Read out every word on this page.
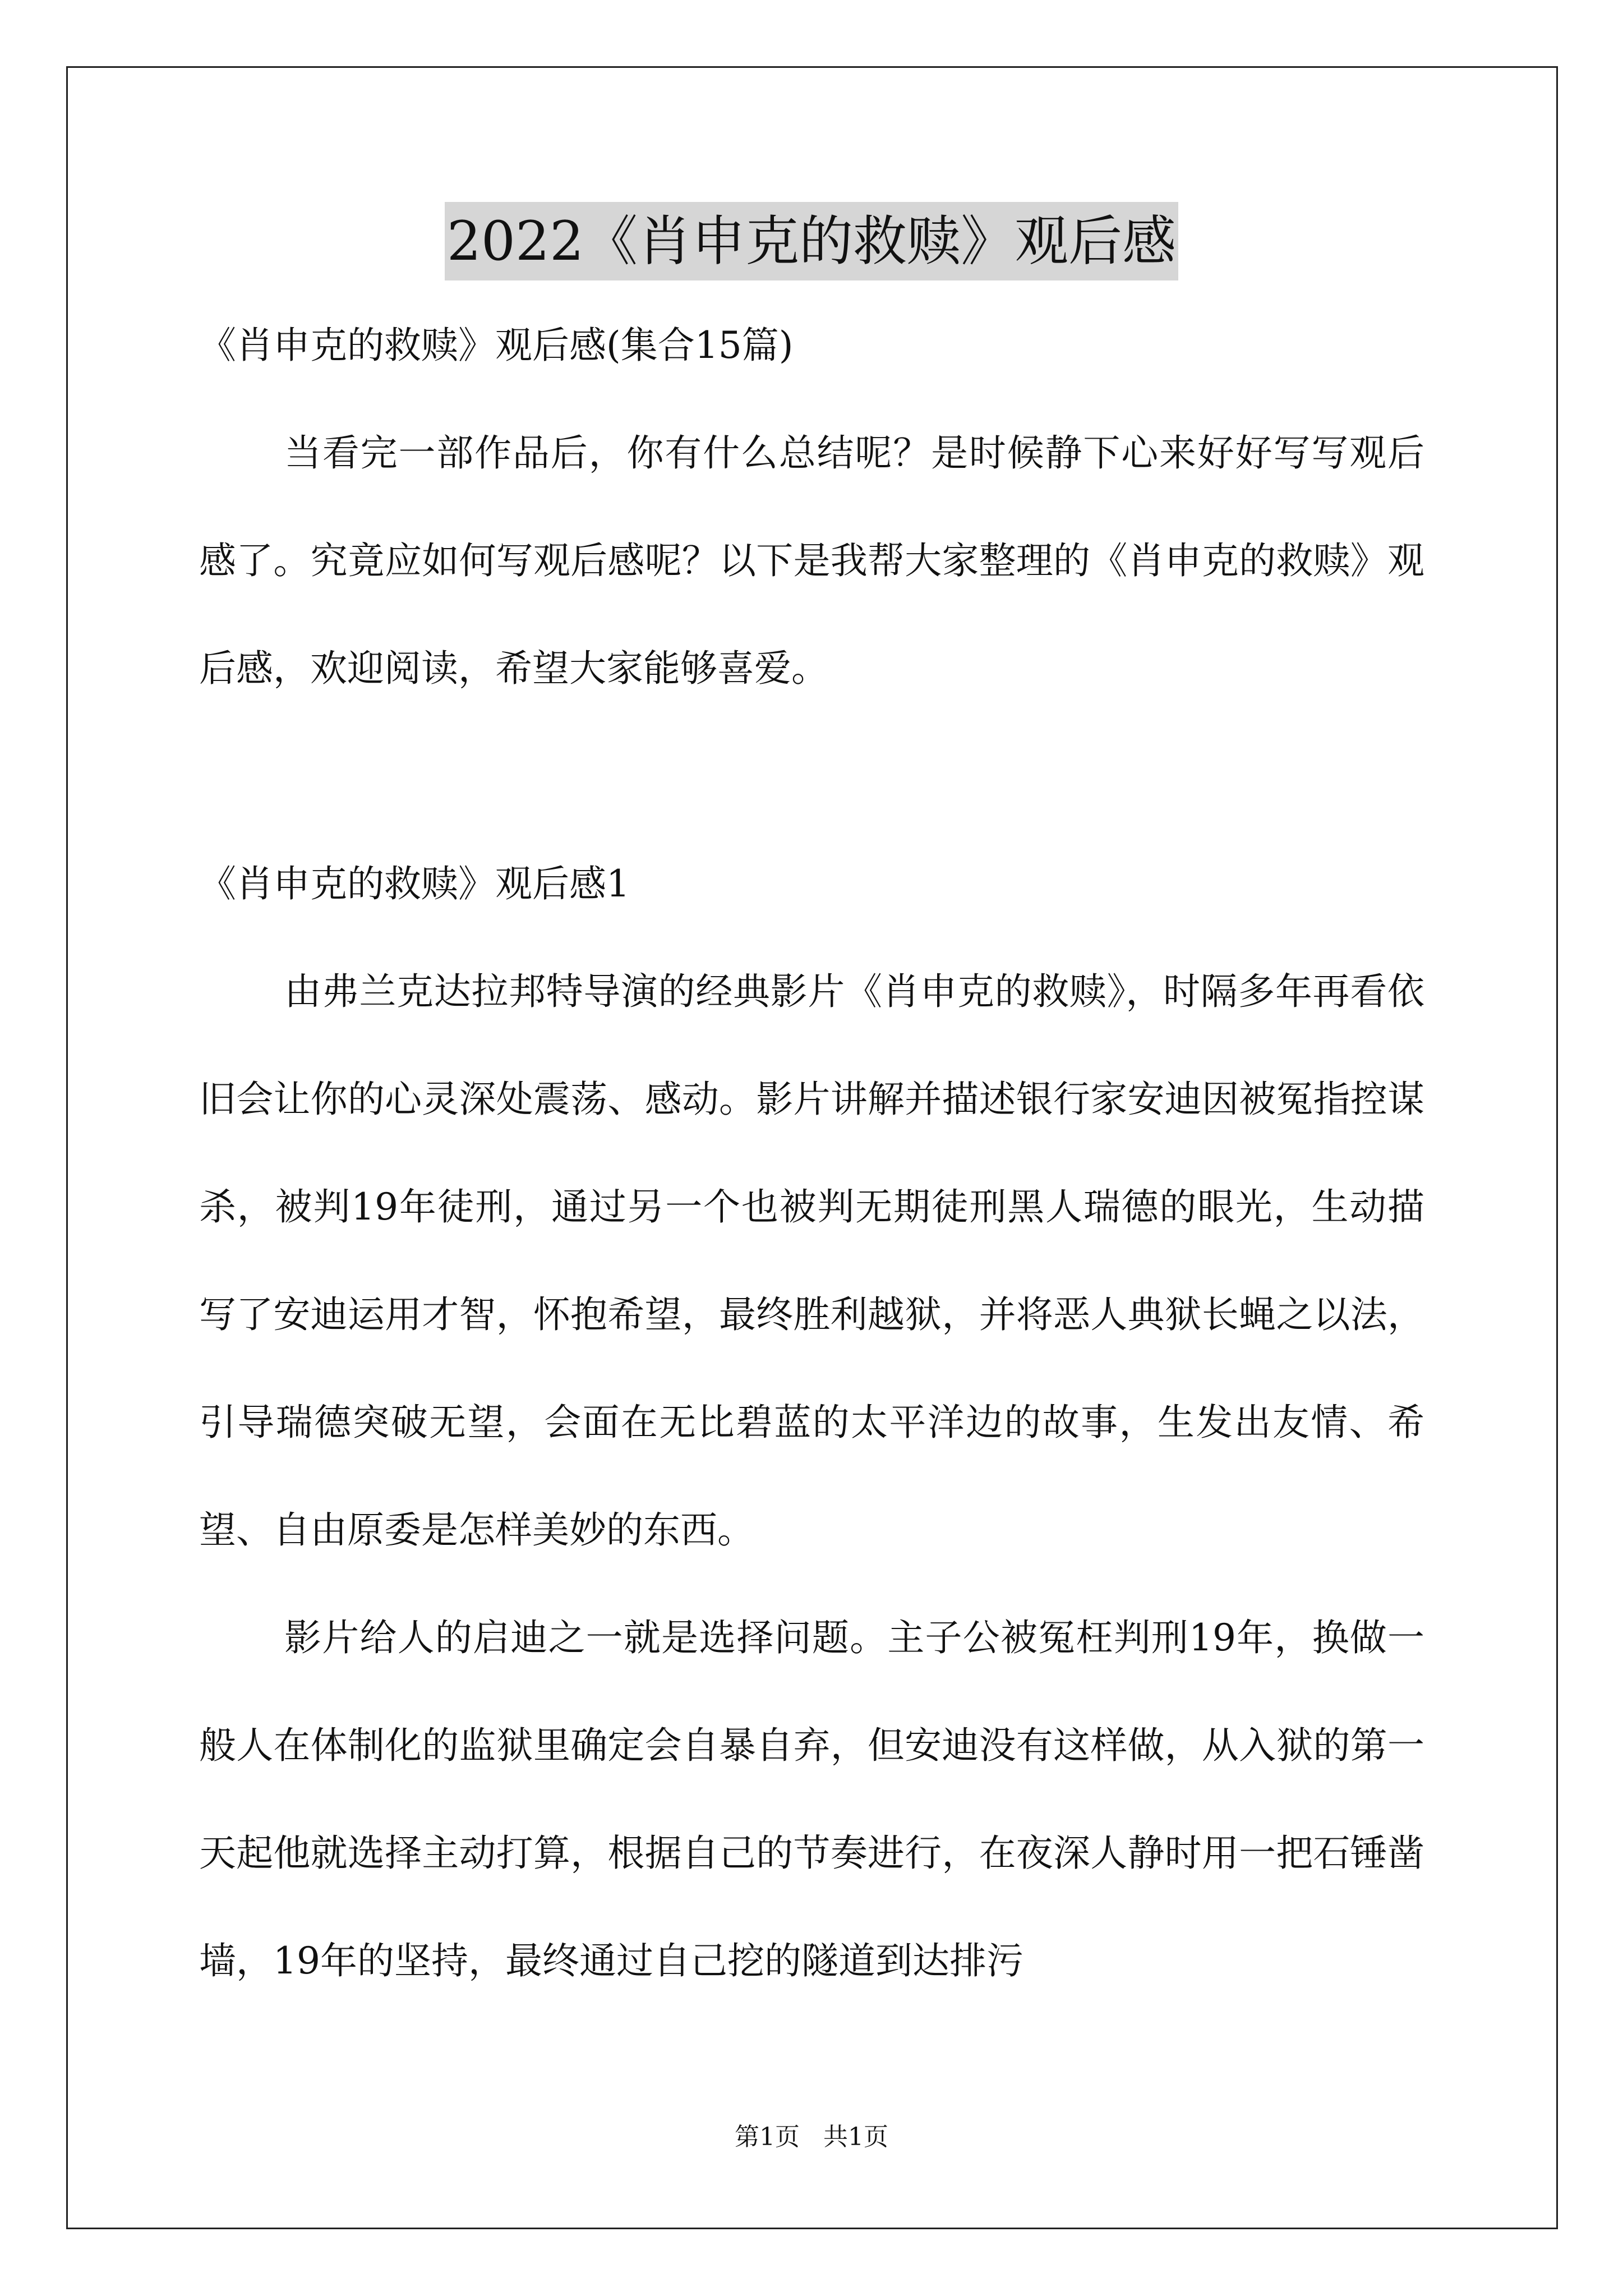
2022《肖申克的救赎》观后感

《肖申克的救赎》观后感(集合15篇)

当看完一部作品后，你有什么总结呢？是时候静下心来好好写写观后感了。究竟应如何写观后感呢？以下是我帮大家整理的《肖申克的救赎》观后感，欢迎阅读，希望大家能够喜爱。

《肖申克的救赎》观后感1

由弗兰克达拉邦特导演的经典影片《肖申克的救赎》，时隔多年再看依旧会让你的心灵深处震荡、感动。影片讲解并描述银行家安迪因被冤指控谋杀，被判19年徒刑，通过另一个也被判无期徒刑黑人瑞德的眼光，生动描写了安迪运用才智，怀抱希望，最终胜利越狱，并将恶人典狱长蝇之以法，引导瑞德突破无望，会面在无比碧蓝的太平洋边的故事，生发出友情、希望、自由原委是怎样美妙的东西。

影片给人的启迪之一就是选择问题。主子公被冤枉判刑19年，换做一般人在体制化的监狱里确定会自暴自弃，但安迪没有这样做，从入狱的第一天起他就选择主动打算，根据自己的节奏进行，在夜深人静时用一把石锤凿墙，19年的坚持，最终通过自己挖的隧道到达排污

第1页 共1页
